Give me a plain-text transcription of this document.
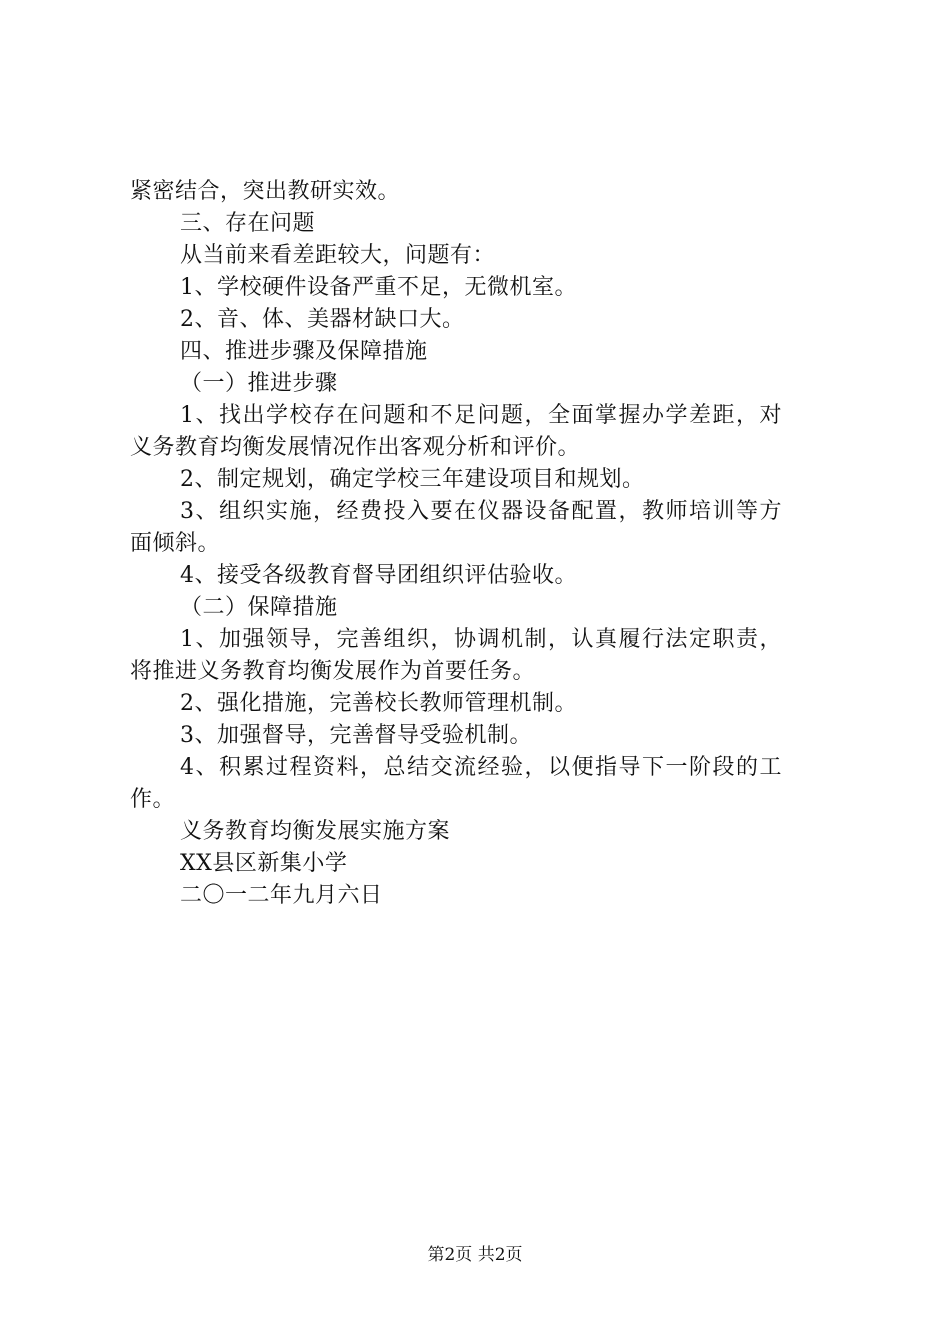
紧密结合，突出教研实效。
三、存在问题
从当前来看差距较大，问题有：
1、学校硬件设备严重不足，无微机室。
2、音、体、美器材缺口大。
四、推进步骤及保障措施
（一）推进步骤
1、找出学校存在问题和不足问题，全面掌握办学差距，对
义务教育均衡发展情况作出客观分析和评价。
2、制定规划，确定学校三年建设项目和规划。
3、组织实施，经费投入要在仪器设备配置，教师培训等方
面倾斜。
4、接受各级教育督导团组织评估验收。
（二）保障措施
1、加强领导，完善组织，协调机制，认真履行法定职责，
将推进义务教育均衡发展作为首要任务。
2、强化措施，完善校长教师管理机制。
3、加强督导，完善督导受验机制。
4、积累过程资料，总结交流经验，以便指导下一阶段的工
作。
义务教育均衡发展实施方案
XX县区新集小学
二〇一二年九月六日
第2页 共2页
